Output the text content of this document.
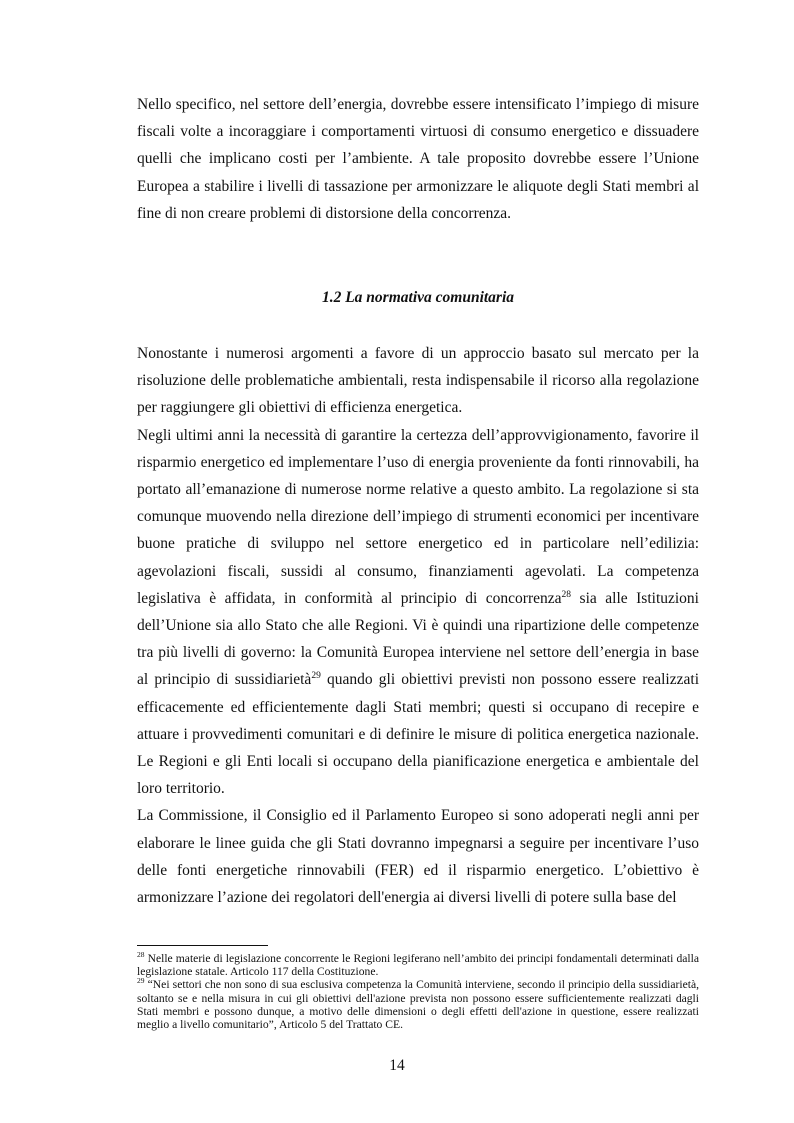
Nello specifico, nel settore dell’energia, dovrebbe essere intensificato l’impiego di misure fiscali volte a incoraggiare i comportamenti virtuosi di consumo energetico e dissuadere quelli che implicano costi per l’ambiente. A tale proposito dovrebbe essere l’Unione Europea a stabilire i livelli di tassazione per armonizzare le aliquote degli Stati membri al fine di non creare problemi di distorsione della concorrenza.

1.2 La normativa comunitaria

Nonostante i numerosi argomenti a favore di un approccio basato sul mercato per la risoluzione delle problematiche ambientali, resta indispensabile il ricorso alla regolazione per raggiungere gli obiettivi di efficienza energetica.

Negli ultimi anni la necessità di garantire la certezza dell’approvvigionamento, favorire il risparmio energetico ed implementare l’uso di energia proveniente da fonti rinnovabili, ha portato all’emanazione di numerose norme relative a questo ambito. La regolazione si sta comunque muovendo nella direzione dell’impiego di strumenti economici per incentivare buone pratiche di sviluppo nel settore energetico ed in particolare nell’edilizia: agevolazioni fiscali, sussidi al consumo, finanziamenti agevolati. La competenza legislativa è affidata, in conformità al principio di concorrenza$^{28}$ sia alle Istituzioni dell’Unione sia allo Stato che alle Regioni. Vi è quindi una ripartizione delle competenze tra più livelli di governo: la Comunità Europea interviene nel settore dell’energia in base al principio di sussidiarietà$^{29}$ quando gli obiettivi previsti non possono essere realizzati efficacemente ed efficientemente dagli Stati membri; questi si occupano di recepire e attuare i provvedimenti comunitari e di definire le misure di politica energetica nazionale. Le Regioni e gli Enti locali si occupano della pianificazione energetica e ambientale del loro territorio.

La Commissione, il Consiglio ed il Parlamento Europeo si sono adoperati negli anni per elaborare le linee guida che gli Stati dovranno impegnarsi a seguire per incentivare l’uso delle fonti energetiche rinnovabili (FER) ed il risparmio energetico. L’obiettivo è armonizzare l’azione dei regolatori dell'energia ai diversi livelli di potere sulla base del

$^{28}$ Nelle materie di legislazione concorrente le Regioni legiferano nell’ambito dei principi fondamentali determinati dalla legislazione statale. Articolo 117 della Costituzione.

$^{29}$ “Nei settori che non sono di sua esclusiva competenza la Comunità interviene, secondo il principio della sussidiarietà, soltanto se e nella misura in cui gli obiettivi dell'azione prevista non possono essere sufficientemente realizzati dagli Stati membri e possono dunque, a motivo delle dimensioni o degli effetti dell'azione in questione, essere realizzati meglio a livello comunitario”, Articolo 5 del Trattato CE.

14
